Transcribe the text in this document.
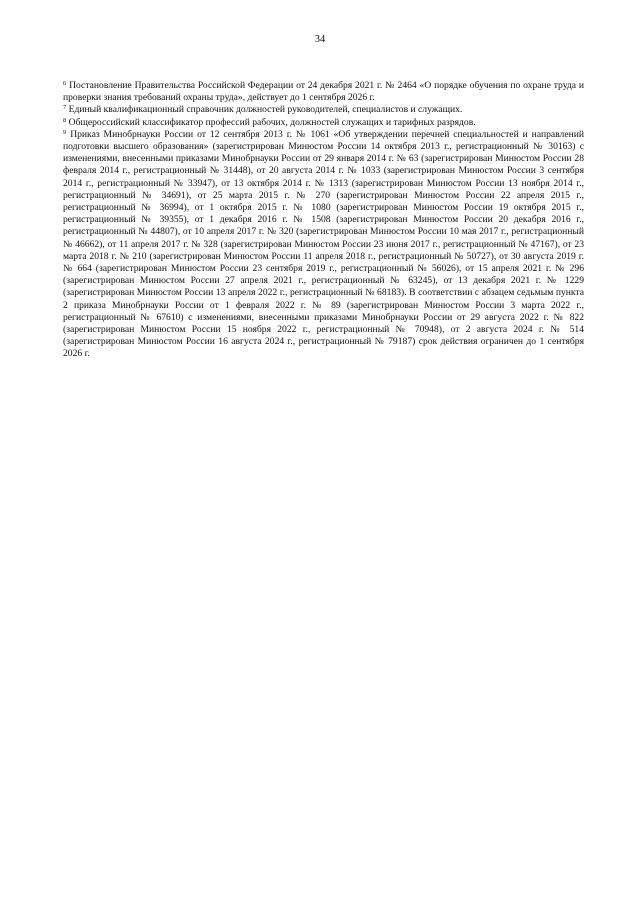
34

$^6$ Постановление Правительства Российской Федерации от 24 декабря 2021 г. № 2464 «О порядке обучения по охране труда и проверки знания требований охраны труда», действует до 1 сентября 2026 г.

$^7$ Единый квалификационный справочник должностей руководителей, специалистов и служащих.

$^8$ Общероссийский классификатор профессий рабочих, должностей служащих и тарифных разрядов.

$^9$ Приказ Минобрнауки России от 12 сентября 2013 г. № 1061 «Об утверждении перечней специальностей и направлений подготовки высшего образования» (зарегистрирован Минюстом России 14 октября 2013 г., регистрационный № 30163) с изменениями, внесенными приказами Минобрнауки России от 29 января 2014 г. № 63 (зарегистрирован Минюстом России 28 февраля 2014 г., регистрационный № 31448), от 20 августа 2014 г. № 1033 (зарегистрирован Минюстом России 3 сентября 2014 г., регистрационный № 33947), от 13 октября 2014 г. № 1313 (зарегистрирован Минюстом России 13 ноября 2014 г., регистрационный № 34691), от 25 марта 2015 г. № 270 (зарегистрирован Минюстом России 22 апреля 2015 г., регистрационный № 36994), от 1 октября 2015 г. № 1080 (зарегистрирован Минюстом России 19 октября 2015 г., регистрационный № 39355), от 1 декабря 2016 г. № 1508 (зарегистрирован Минюстом России 20 декабря 2016 г., регистрационный № 44807), от 10 апреля 2017 г. № 320 (зарегистрирован Минюстом России 10 мая 2017 г., регистрационный № 46662), от 11 апреля 2017 г. № 328 (зарегистрирован Минюстом России 23 июня 2017 г., регистрационный № 47167), от 23 марта 2018 г. № 210 (зарегистрирован Минюстом России 11 апреля 2018 г., регистрационный № 50727), от 30 августа 2019 г. № 664 (зарегистрирован Минюстом России 23 сентября 2019 г., регистрационный № 56026), от 15 апреля 2021 г. № 296 (зарегистрирован Минюстом России 27 апреля 2021 г., регистрационный № 63245), от 13 декабря 2021 г. № 1229 (зарегистрирован Минюстом России 13 апреля 2022 г., регистрационный № 68183). В соответствии с абзацем седьмым пункта 2 приказа Минобрнауки России от 1 февраля 2022 г. № 89 (зарегистрирован Минюстом России 3 марта 2022 г., регистрационный № 67610) с изменениями, внесенными приказами Минобрнауки России от 29 августа 2022 г. № 822 (зарегистрирован Минюстом России 15 ноября 2022 г., регистрационный № 70948), от 2 августа 2024 г. № 514 (зарегистрирован Минюстом России 16 августа 2024 г., регистрационный № 79187) срок действия ограничен до 1 сентября 2026 г.
